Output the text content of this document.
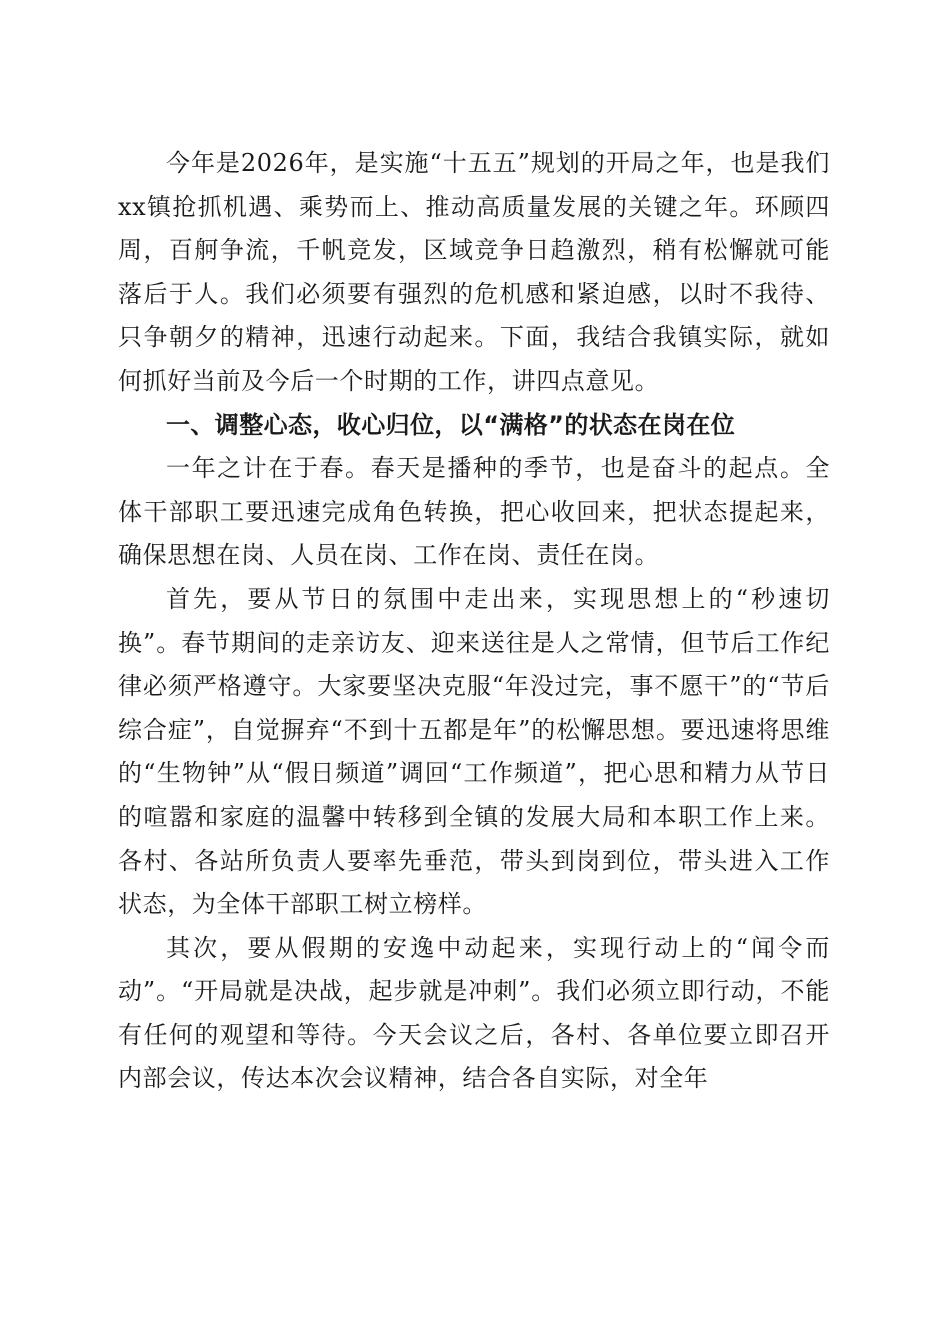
今年是2026年，是实施“十五五”规划的开局之年，也是我们xx镇抢抓机遇、乘势而上、推动高质量发展的关键之年。环顾四周，百舸争流，千帆竞发，区域竞争日趋激烈，稍有松懈就可能落后于人。我们必须要有强烈的危机感和紧迫感，以时不我待、只争朝夕的精神，迅速行动起来。下面，我结合我镇实际，就如何抓好当前及今后一个时期的工作，讲四点意见。

一、调整心态，收心归位，以“满格”的状态在岗在位

一年之计在于春。春天是播种的季节，也是奋斗的起点。全体干部职工要迅速完成角色转换，把心收回来，把状态提起来，确保思想在岗、人员在岗、工作在岗、责任在岗。

首先，要从节日的氛围中走出来，实现思想上的“秒速切换”。春节期间的走亲访友、迎来送往是人之常情，但节后工作纪律必须严格遵守。大家要坚决克服“年没过完，事不愿干”的“节后综合症”，自觉摒弃“不到十五都是年”的松懈思想。要迅速将思维的“生物钟”从“假日频道”调回“工作频道”，把心思和精力从节日的喧嚣和家庭的温馨中转移到全镇的发展大局和本职工作上来。各村、各站所负责人要率先垂范，带头到岗到位，带头进入工作状态，为全体干部职工树立榜样。

其次，要从假期的安逸中动起来，实现行动上的“闻令而动”。“开局就是决战，起步就是冲刺”。我们必须立即行动，不能有任何的观望和等待。今天会议之后，各村、各单位要立即召开内部会议，传达本次会议精神，结合各自实际，对全年
